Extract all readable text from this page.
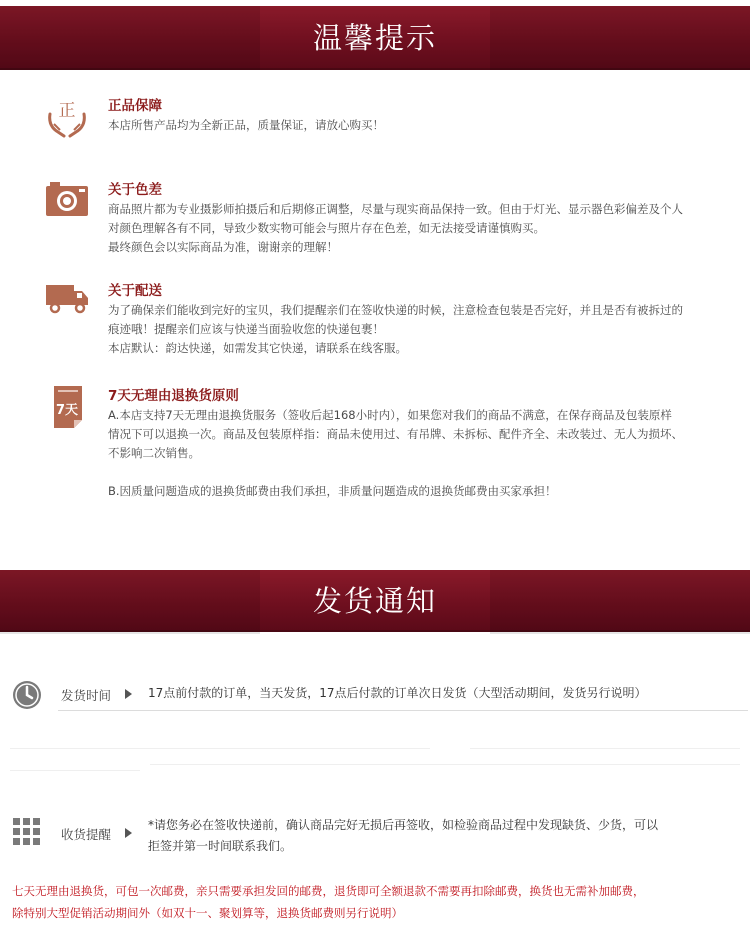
温馨提示
正 正品保障

本店所售产品均为全新正品，质量保证，请放心购买！

关于色差

商品照片都为专业摄影师拍摄后和后期修正调整，尽量与现实商品保持一致。但由于灯光、显示器色彩偏差及个人

对颜色理解各有不同，导致少数实物可能会与照片存在色差，如无法接受请谨慎购买。

最终颜色会以实际商品为准，谢谢亲的理解！

关于配送

为了确保亲们能收到完好的宝贝，我们提醒亲们在签收快递的时候，注意检查包装是否完好，并且是否有被拆过的

痕迹哦！提醒亲们应该与快递当面验收您的快递包裹！

本店默认：韵达快递，如需发其它快递，请联系在线客服。

7天
7天无理由退换货原则

A.本店支持7天无理由退换货服务（签收后起168小时内），如果您对我们的商品不满意，在保存商品及包装原样

情况下可以退换一次。商品及包装原样指：商品未使用过、有吊牌、未拆标、配件齐全、未改装过、无人为损坏、

不影响二次销售。

B.因质量问题造成的退换货邮费由我们承担，非质量问题造成的退换货邮费由买家承担！

发货通知
发货时间	17点前付款的订单，当天发货，17点后付款的订单次日发货（大型活动期间，发货另行说明）
收货提醒
*请您务必在签收快递前，确认商品完好无损后再签收，如检验商品过程中发现缺货、少货，可以
拒签并第一时间联系我们。

七天无理由退换货，可包一次邮费，亲只需要承担发回的邮费，退货即可全额退款不需要再扣除邮费，换货也无需补加邮费，

除特别大型促销活动期间外（如双十一、聚划算等，退换货邮费则另行说明）
